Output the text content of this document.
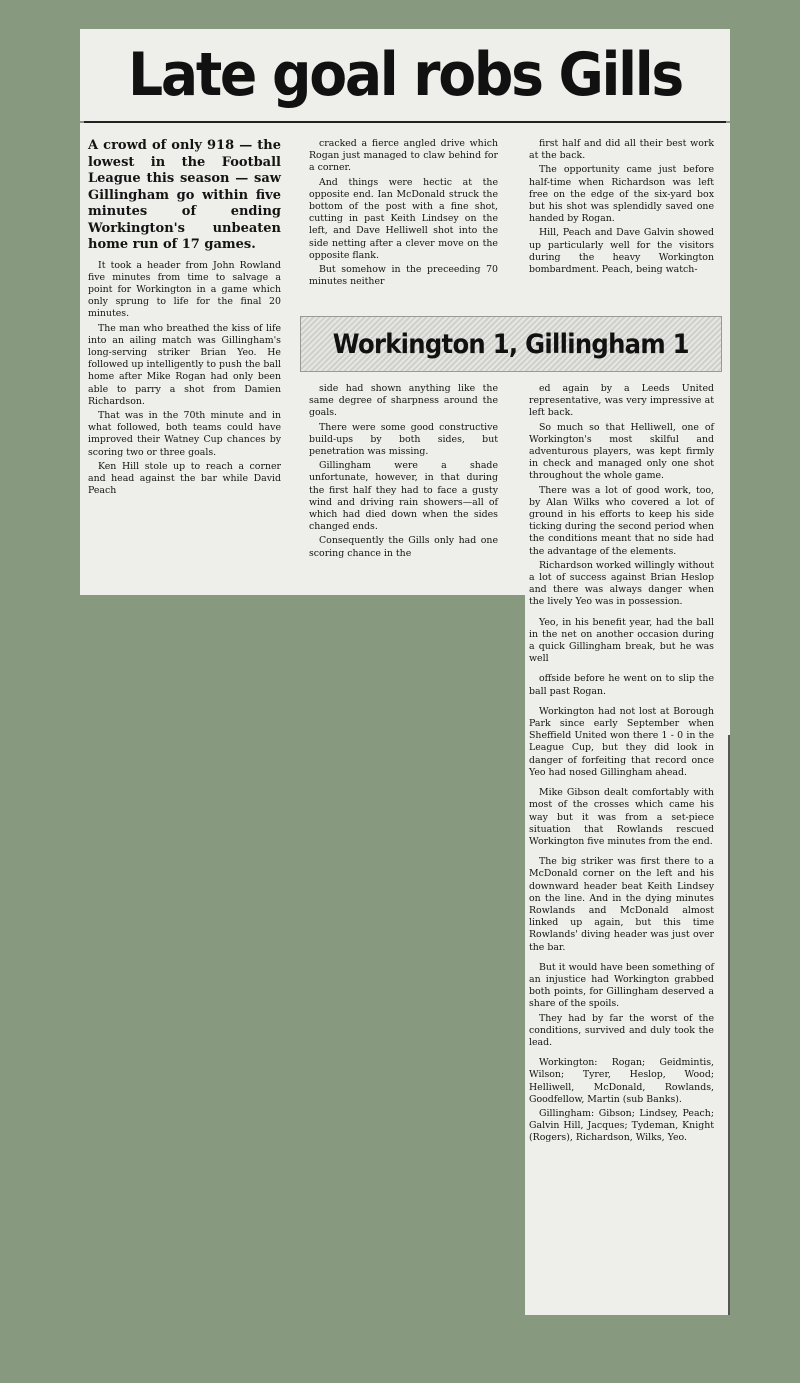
Late goal robs Gills
A crowd of only 918 — the lowest in the Football League this season — saw Gillingham go within five minutes of ending Workington's unbeaten home run of 17 games.

It took a header from John Rowland five minutes from time to salvage a point for Workington in a game which only sprung to life for the final 20 minutes.

The man who breathed the kiss of life into an ailing match was Gillingham's long-serving striker Brian Yeo. He followed up intelligently to push the ball home after Mike Rogan had only been able to parry a shot from Damien Richardson.

That was in the 70th minute and in what followed, both teams could have improved their Watney Cup chances by scoring two or three goals.

Ken Hill stole up to reach a corner and head against the bar while David Peach

cracked a fierce angled drive which Rogan just managed to claw behind for a corner.

And things were hectic at the opposite end. Ian McDonald struck the bottom of the post with a fine shot, cutting in past Keith Lindsey on the left, and Dave Helliwell shot into the side netting after a clever move on the opposite flank.

But somehow in the preceeding 70 minutes neither

first half and did all their best work at the back.

The opportunity came just before half-time when Richardson was left free on the edge of the six-yard box but his shot was splendidly saved one handed by Rogan.

Hill, Peach and Dave Galvin showed up particularly well for the visitors during the heavy Workington bombardment. Peach, being watch-

Workington 1, Gillingham 1

side had shown anything like the same degree of sharpness around the goals.

There were some good constructive build-ups by both sides, but penetration was missing.

Gillingham were a shade unfortunate, however, in that during the first half they had to face a gusty wind and driving rain showers—all of which had died down when the sides changed ends.

Consequently the Gills only had one scoring chance in the

ed again by a Leeds United representative, was very impressive at left back.

So much so that Helliwell, one of Workington's most skilful and adventurous players, was kept firmly in check and managed only one shot throughout the whole game.

There was a lot of good work, too, by Alan Wilks who covered a lot of ground in his efforts to keep his side ticking during the second period when the conditions meant that no side had the advantage of the elements.

Richardson worked willingly without a lot of success against Brian Heslop and there was always danger when the lively Yeo was in possession.

Yeo, in his benefit year, had the ball in the net on another occasion during a quick Gillingham break, but he was well

offside before he went on to slip the ball past Rogan.

Workington had not lost at Borough Park since early September when Sheffield United won there 1 - 0 in the League Cup, but they did look in danger of forfeiting that record once Yeo had nosed Gillingham ahead.

Mike Gibson dealt comfortably with most of the crosses which came his way but it was from a set-piece situation that Rowlands rescued Workington five minutes from the end.

The big striker was first there to a McDonald corner on the left and his downward header beat Keith Lindsey on the line. And in the dying minutes Rowlands and McDonald almost linked up again, but this time Rowlands' diving header was just over the bar.

But it would have been something of an injustice had Workington grabbed both points, for Gillingham deserved a share of the spoils.

They had by far the worst of the conditions, survived and duly took the lead.

Workington: Rogan; Geidmintis, Wilson; Tyrer, Heslop, Wood; Helliwell, McDonald, Rowlands, Goodfellow, Martin (sub Banks).

Gillingham: Gibson; Lindsey, Peach; Galvin Hill, Jacques; Tydeman, Knight (Rogers), Richardson, Wilks, Yeo.
